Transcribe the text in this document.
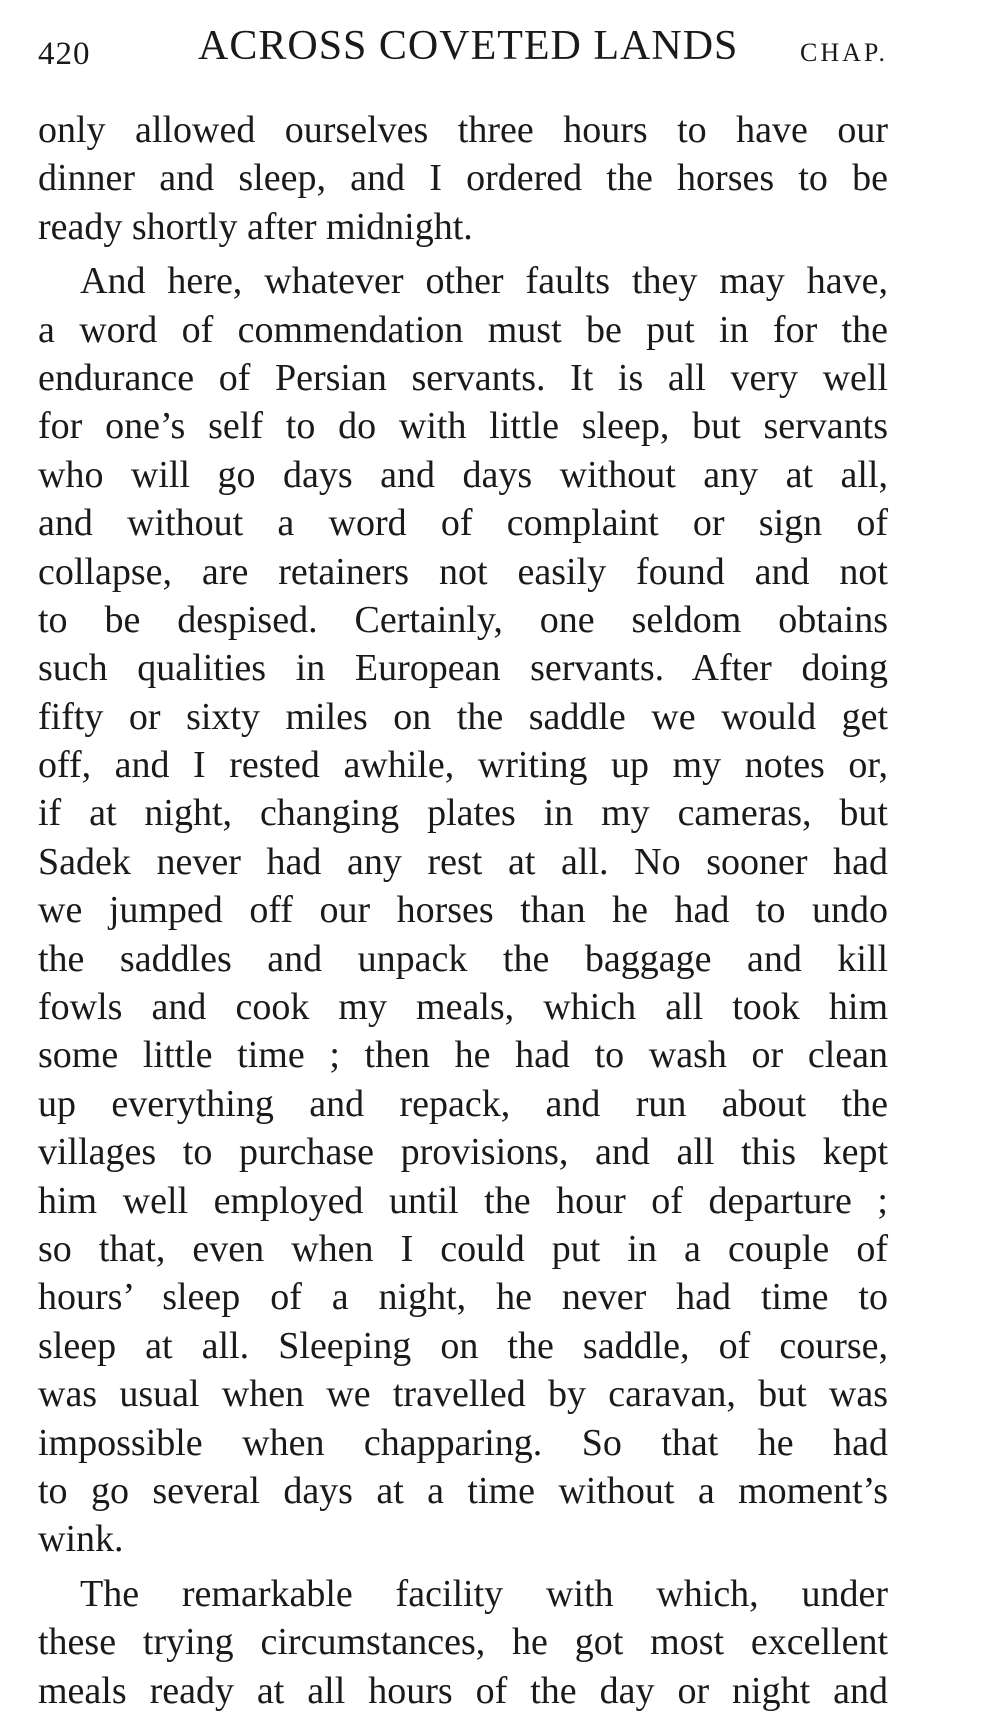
420	ACROSS COVETED LANDS CHAP.
only allowed ourselves three hours to have our
dinner and sleep, and I ordered the horses to be
ready shortly after midnight.
And here, whatever other faults they may have,
a word of commendation must be put in for the
endurance of Persian servants. It is all very well
for one’s self to do with little sleep, but servants
who will go days and days without any at all,
and without a word of complaint or sign of
collapse, are retainers not easily found and not
to be despised. Certainly, one seldom obtains
such qualities in European servants. After doing
fifty or sixty miles on the saddle we would get
off, and I rested awhile, writing up my notes or,
if at night, changing plates in my cameras, but
Sadek never had any rest at all. No sooner had
we jumped off our horses than he had to undo
the saddles and unpack the baggage and kill
fowls and cook my meals, which all took him
some little time ; then he had to wash or clean
up everything and repack, and run about the
villages to purchase provisions, and all this kept
him well employed until the hour of departure ;
so that, even when I could put in a couple of
hours’ sleep of a night, he never had time to
sleep at all. Sleeping on the saddle, of course,
was usual when we travelled by caravan, but was
impossible when chapparing. So that he had
to go several days at a time without a moment’s
wink.
The remarkable facility with which, under
these trying circumstances, he got most excellent
meals ready at all hours of the day or night and
